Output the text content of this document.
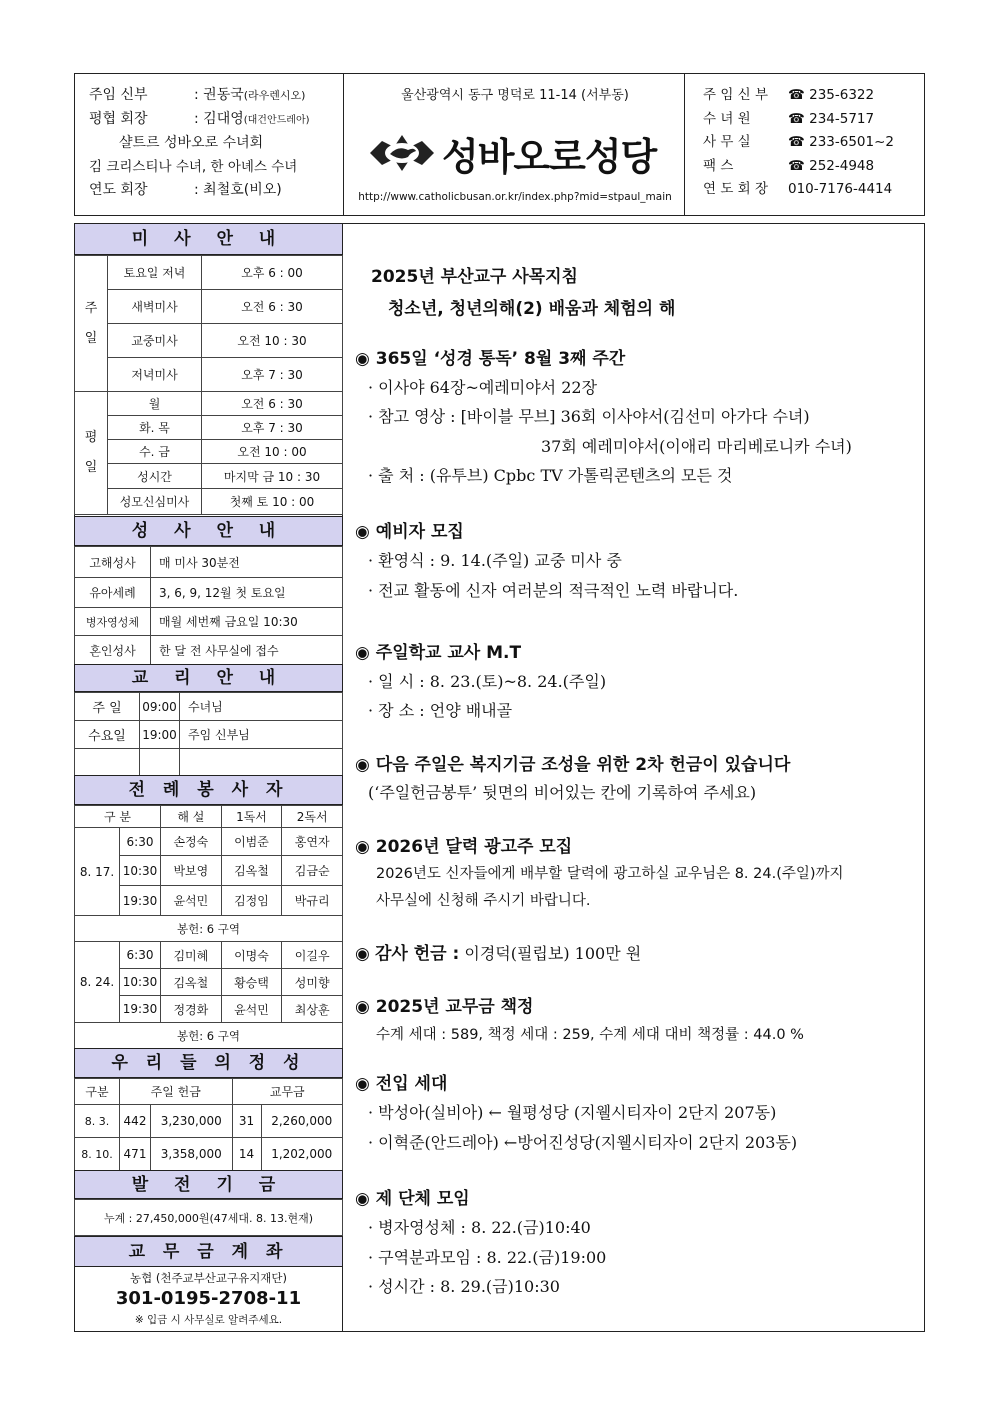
주임 신부	: 권동국(라우렌시오)
평협 회장	: 김대영(대건안드레아)
샬트르 성바오로 수녀회
김 크리스티나 수녀, 한 아녜스 수녀
연도 회장	: 최철호(비오)
울산광역시 동구 명덕로 11-14 (서부동)
성바오로성당
http://www.catholicbusan.or.kr/index.php?mid=stpaul_main
주 임 신 부 ☎ 235-6322
수 녀 원	☎ 234-5717
사 무 실	☎ 233-6501~2
팩 스	☎ 252-4948
연 도 회 장 010-7176-4414
미 사 안 내
주
일	토요일 저녁	오후 6 : 00
	새벽미사	오전 6 : 30
	교중미사	오전 10 : 30
	저녁미사	오후 7 : 30
평
일	월	오전 6 : 30
	화. 목	오후 7 : 30
	수. 금	오전 10 : 00
	성시간	마지막 금 10 : 30
	성모신심미사	첫째 토 10 : 00
성 사 안 내
고해성사	매 미사 30분전
유아세례	3, 6, 9, 12월 첫 토요일
병자영성체	매월 세번째 금요일 10:30
혼인성사	한 달 전 사무실에 접수
교 리 안 내
주 일	09:00	수녀님
수요일	19:00	주임 신부님

전 례 봉 사 자
구 분		해 설	1독서	2독서
8. 17.	6:30	손정숙	이범준	홍연자
	10:30	박보영	김옥철	김금순
	19:30	윤석민	김정임	박규리
봉헌: 6 구역				
8. 24.	6:30	김미혜	이명숙	이길우
	10:30	김옥철	황승택	성미향
	19:30	정경화	윤석민	최상훈
봉헌: 6 구역				
우 리 들 의 정 성
구분	주일 헌금		교무금	
8. 3.	442	3,230,000	31	2,260,000
8. 10.	471	3,358,000	14	1,202,000
발 전 기 금
누계 : 27,450,000원(47세대. 8. 13.현재)
교 무 금 계 좌
농협 (천주교부산교구유지재단)
301-0195-2708-11
※ 입금 시 사무실로 알려주세요.
2025년 부산교구 사목지침
청소년, 청년의해(2) 배움과 체험의 해
◉ 365일 ‘성경 통독’ 8월 3째 주간
· 이사야 64장~예레미야서 22장
· 참고 영상 : [바이블 무브] 36회 이사야서(김선미 아가다 수녀)
37회 예레미야서(이애리 마리베로니카 수녀)
· 출 처 : (유투브) Cpbc TV 가톨릭콘텐츠의 모든 것
◉ 예비자 모집
· 환영식 : 9. 14.(주일) 교중 미사 중
· 전교 활동에 신자 여러분의 적극적인 노력 바랍니다.
◉ 주일학교 교사 M.T
· 일 시 : 8. 23.(토)~8. 24.(주일)
· 장 소 : 언양 배내골
◉ 다음 주일은 복지기금 조성을 위한 2차 헌금이 있습니다
(‘주일헌금봉투’ 뒷면의 비어있는 칸에 기록하여 주세요)
◉ 2026년 달력 광고주 모집
2026년도 신자들에게 배부할 달력에 광고하실 교우님은 8. 24.(주일)까지
사무실에 신청해 주시기 바랍니다.
◉ 감사 헌금 : 이경덕(필립보) 100만 원
◉ 2025년 교무금 책정
수계 세대 : 589, 책정 세대 : 259, 수계 세대 대비 책정률 : 44.0 %
◉ 전입 세대
· 박성아(실비아) ← 월평성당 (지웰시티자이 2단지 207동)
· 이혁준(안드레아) ←방어진성당(지웰시티자이 2단지 203동)
◉ 제 단체 모임
· 병자영성체 : 8. 22.(금)10:40
· 구역분과모임 : 8. 22.(금)19:00
· 성시간 : 8. 29.(금)10:30
